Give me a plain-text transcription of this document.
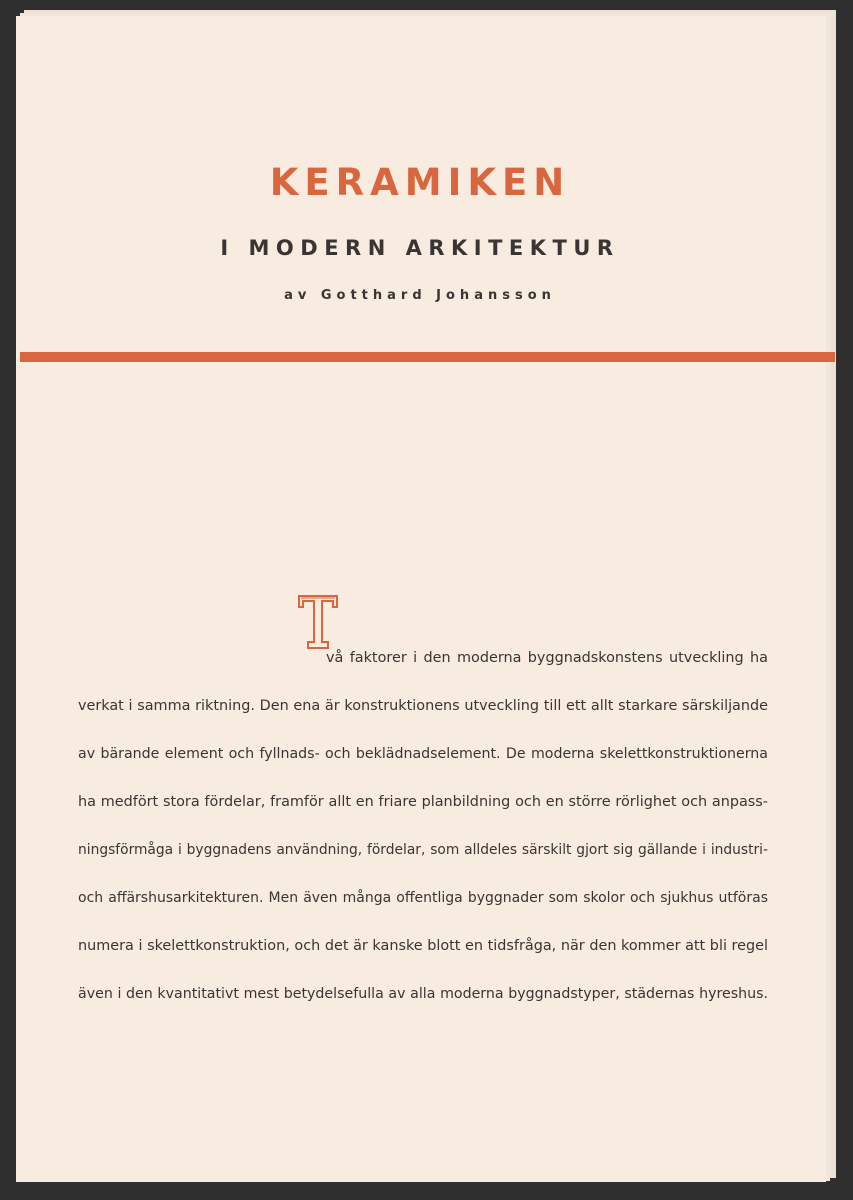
KERAMIKEN
I MODERN ARKITEKTUR

av Gotthard Johansson

vå faktorer i den moderna byggnadskonstens utveckling ha
verkat i samma riktning. Den ena är konstruktionens utveckling till ett allt starkare särskiljande
av bärande element och fyllnads- och beklädnadselement. De moderna skelettkonstruktionerna
ha medfört stora fördelar, framför allt en friare planbildning och en större rörlighet och anpass-
ningsförmåga i byggnadens användning, fördelar, som alldeles särskilt gjort sig gällande i industri-
och affärshusarkitekturen. Men även många offentliga byggnader som skolor och sjukhus utföras
numera i skelettkonstruktion, och det är kanske blott en tidsfråga, när den kommer att bli regel
även i den kvantitativt mest betydelsefulla av alla moderna byggnadstyper, städernas hyreshus.
